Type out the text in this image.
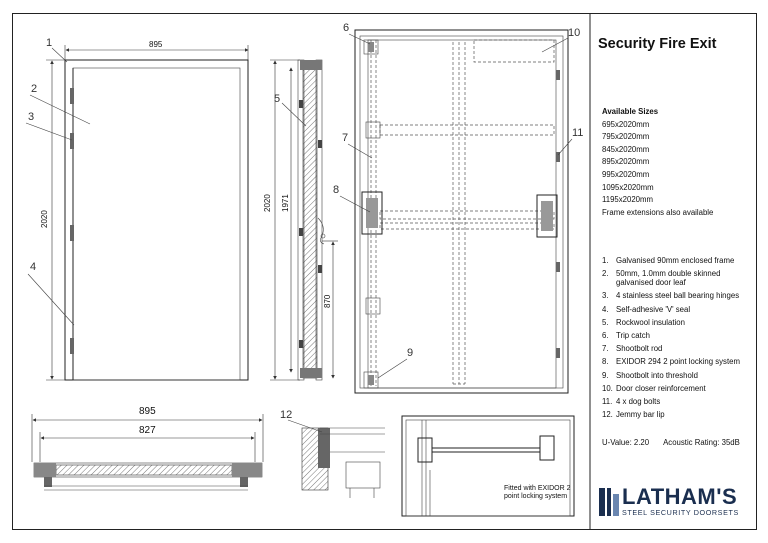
895
2020
1
2
3
4
2020 1971
870
5
6
7
8
9
10
11
895
827
12
Fitted with EXIDOR 2 point locking system
Security Fire Exit
Available Sizes
695x2020mm
795x2020mm
845x2020mm
895x2020mm
995x2020mm
1095x2020mm
1195x2020mm
Frame extensions also available
1. Galvanised 90mm enclosed frame
2. 50mm, 1.0mm double skinned galvanised door leaf
3. 4 stainless steel ball bearing hinges
4. Self-adhesive 'V' seal
5. Rockwool insulation
6. Trip catch
7. Shootbolt rod
8. EXIDOR 294 2 point locking system
9. Shootbolt into threshold
10. Door closer reinforcement
11. 4 x dog bolts
12. Jemmy bar lip
U-Value: 2.20 Acoustic Rating: 35dB
LATHAM'S
STEEL SECURITY DOORSETS
